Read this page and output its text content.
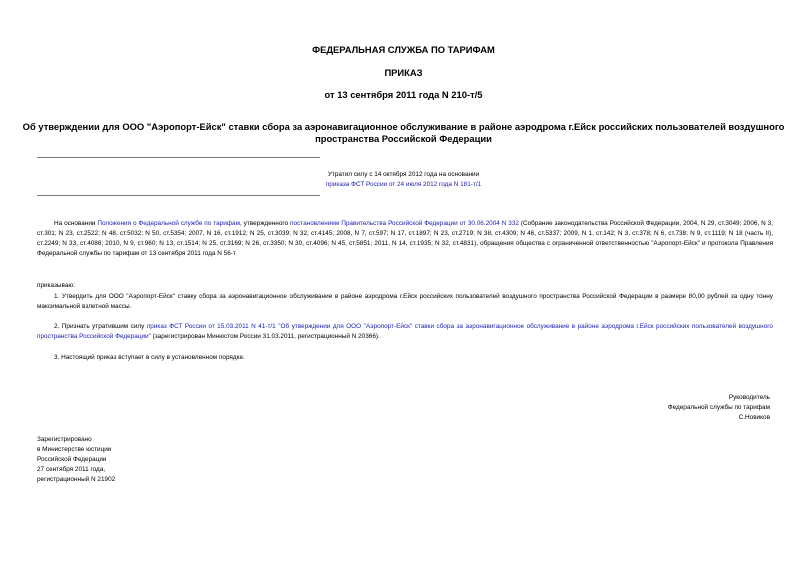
ФЕДЕРАЛЬНАЯ СЛУЖБА ПО ТАРИФАМ
ПРИКАЗ
от 13 сентября 2011 года N 210-т/5
Об утверждении для ООО "Аэропорт-Ейск" ставки сбора за аэронавигационное обслуживание в районе аэродрома г.Ейск российских пользователей воздушного
пространства Российской Федерации
Утратил силу с 14 октября 2012 года на основании
приказа ФСТ России от 24 июля 2012 года N 181-т/1
На основании Положения о Федеральной службе по тарифам, утвержденного постановлением Правительства Российской Федерации от 30.06.2004 N 332 (Собрание законодательства Российской Федерации, 2004, N 29, ст.3049; 2006, N 3, ст.301; N 23, ст.2522; N 48, ст.5032; N 50, ст.5354; 2007, N 16, ст.1912; N 25, ст.3039; N 32, ст.4145; 2008, N 7, ст.597; N 17, ст.1897; N 23, ст.2719; N 38, ст.4309; N 46, ст.5337; 2009, N 1, ст.142; N 3, ст.378; N 6, ст.738; N 9, ст.1119; N 18 (часть II), ст.2249; N 33, ст.4086; 2010, N 9, ст.960; N 13, ст.1514; N 25, ст.3169; N 26, ст.3350; N 30, ст.4096; N 45, ст.5851; 2011, N 14, ст.1935; N 32, ст.4831), обращения общества с ограниченной ответственностью "Аэропорт-Ейск" и протокола Правления Федеральной службы по тарифам от 13 сентября 2011 года N 56-т
приказываю:
1. Утвердить для ООО "Аэропорт-Ейск" ставку сбора за аэронавигационное обслуживание в районе аэродрома г.Ейск российских пользователей воздушного пространства Российской Федерации в размере 80,00 рублей за одну тонну максимальной взлетной массы.
2. Признать утратившим силу приказ ФСТ России от 15.03.2011 N 41-т/1 "Об утверждении для ООО "Аэропорт-Ейск" ставки сбора за аэронавигационное обслуживание в районе аэродрома г.Ейск российских пользователей воздушного пространства Российской Федерации" (зарегистрирован Минюстом России 31.03.2011, регистрационный N 20366).
3. Настоящий приказ вступает в силу в установленном порядке.
Руководитель
Федеральной службы по тарифам
С.Новиков
Зарегистрировано
в Министерстве юстиции
Российской Федерации
27 сентября 2011 года,
регистрационный N 21902
